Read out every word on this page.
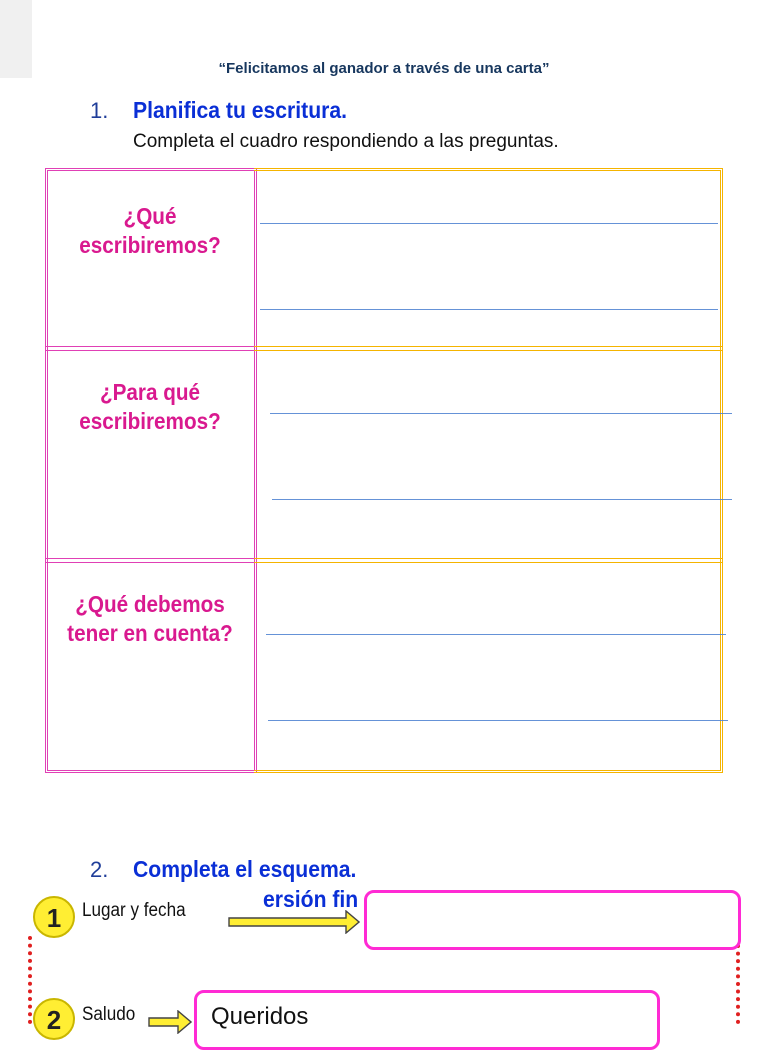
“Felicitamos al ganador a través de una carta”
1. Planifica tu escritura.
Completa el cuadro respondiendo a las preguntas.
¿Qué
escribiremos?
¿Para qué
escribiremos?
¿Qué debemos
tener en cuenta?
2. Completa el esquema.
ersión fin
1	Lugar y fecha
2	Saludo	Queridos
